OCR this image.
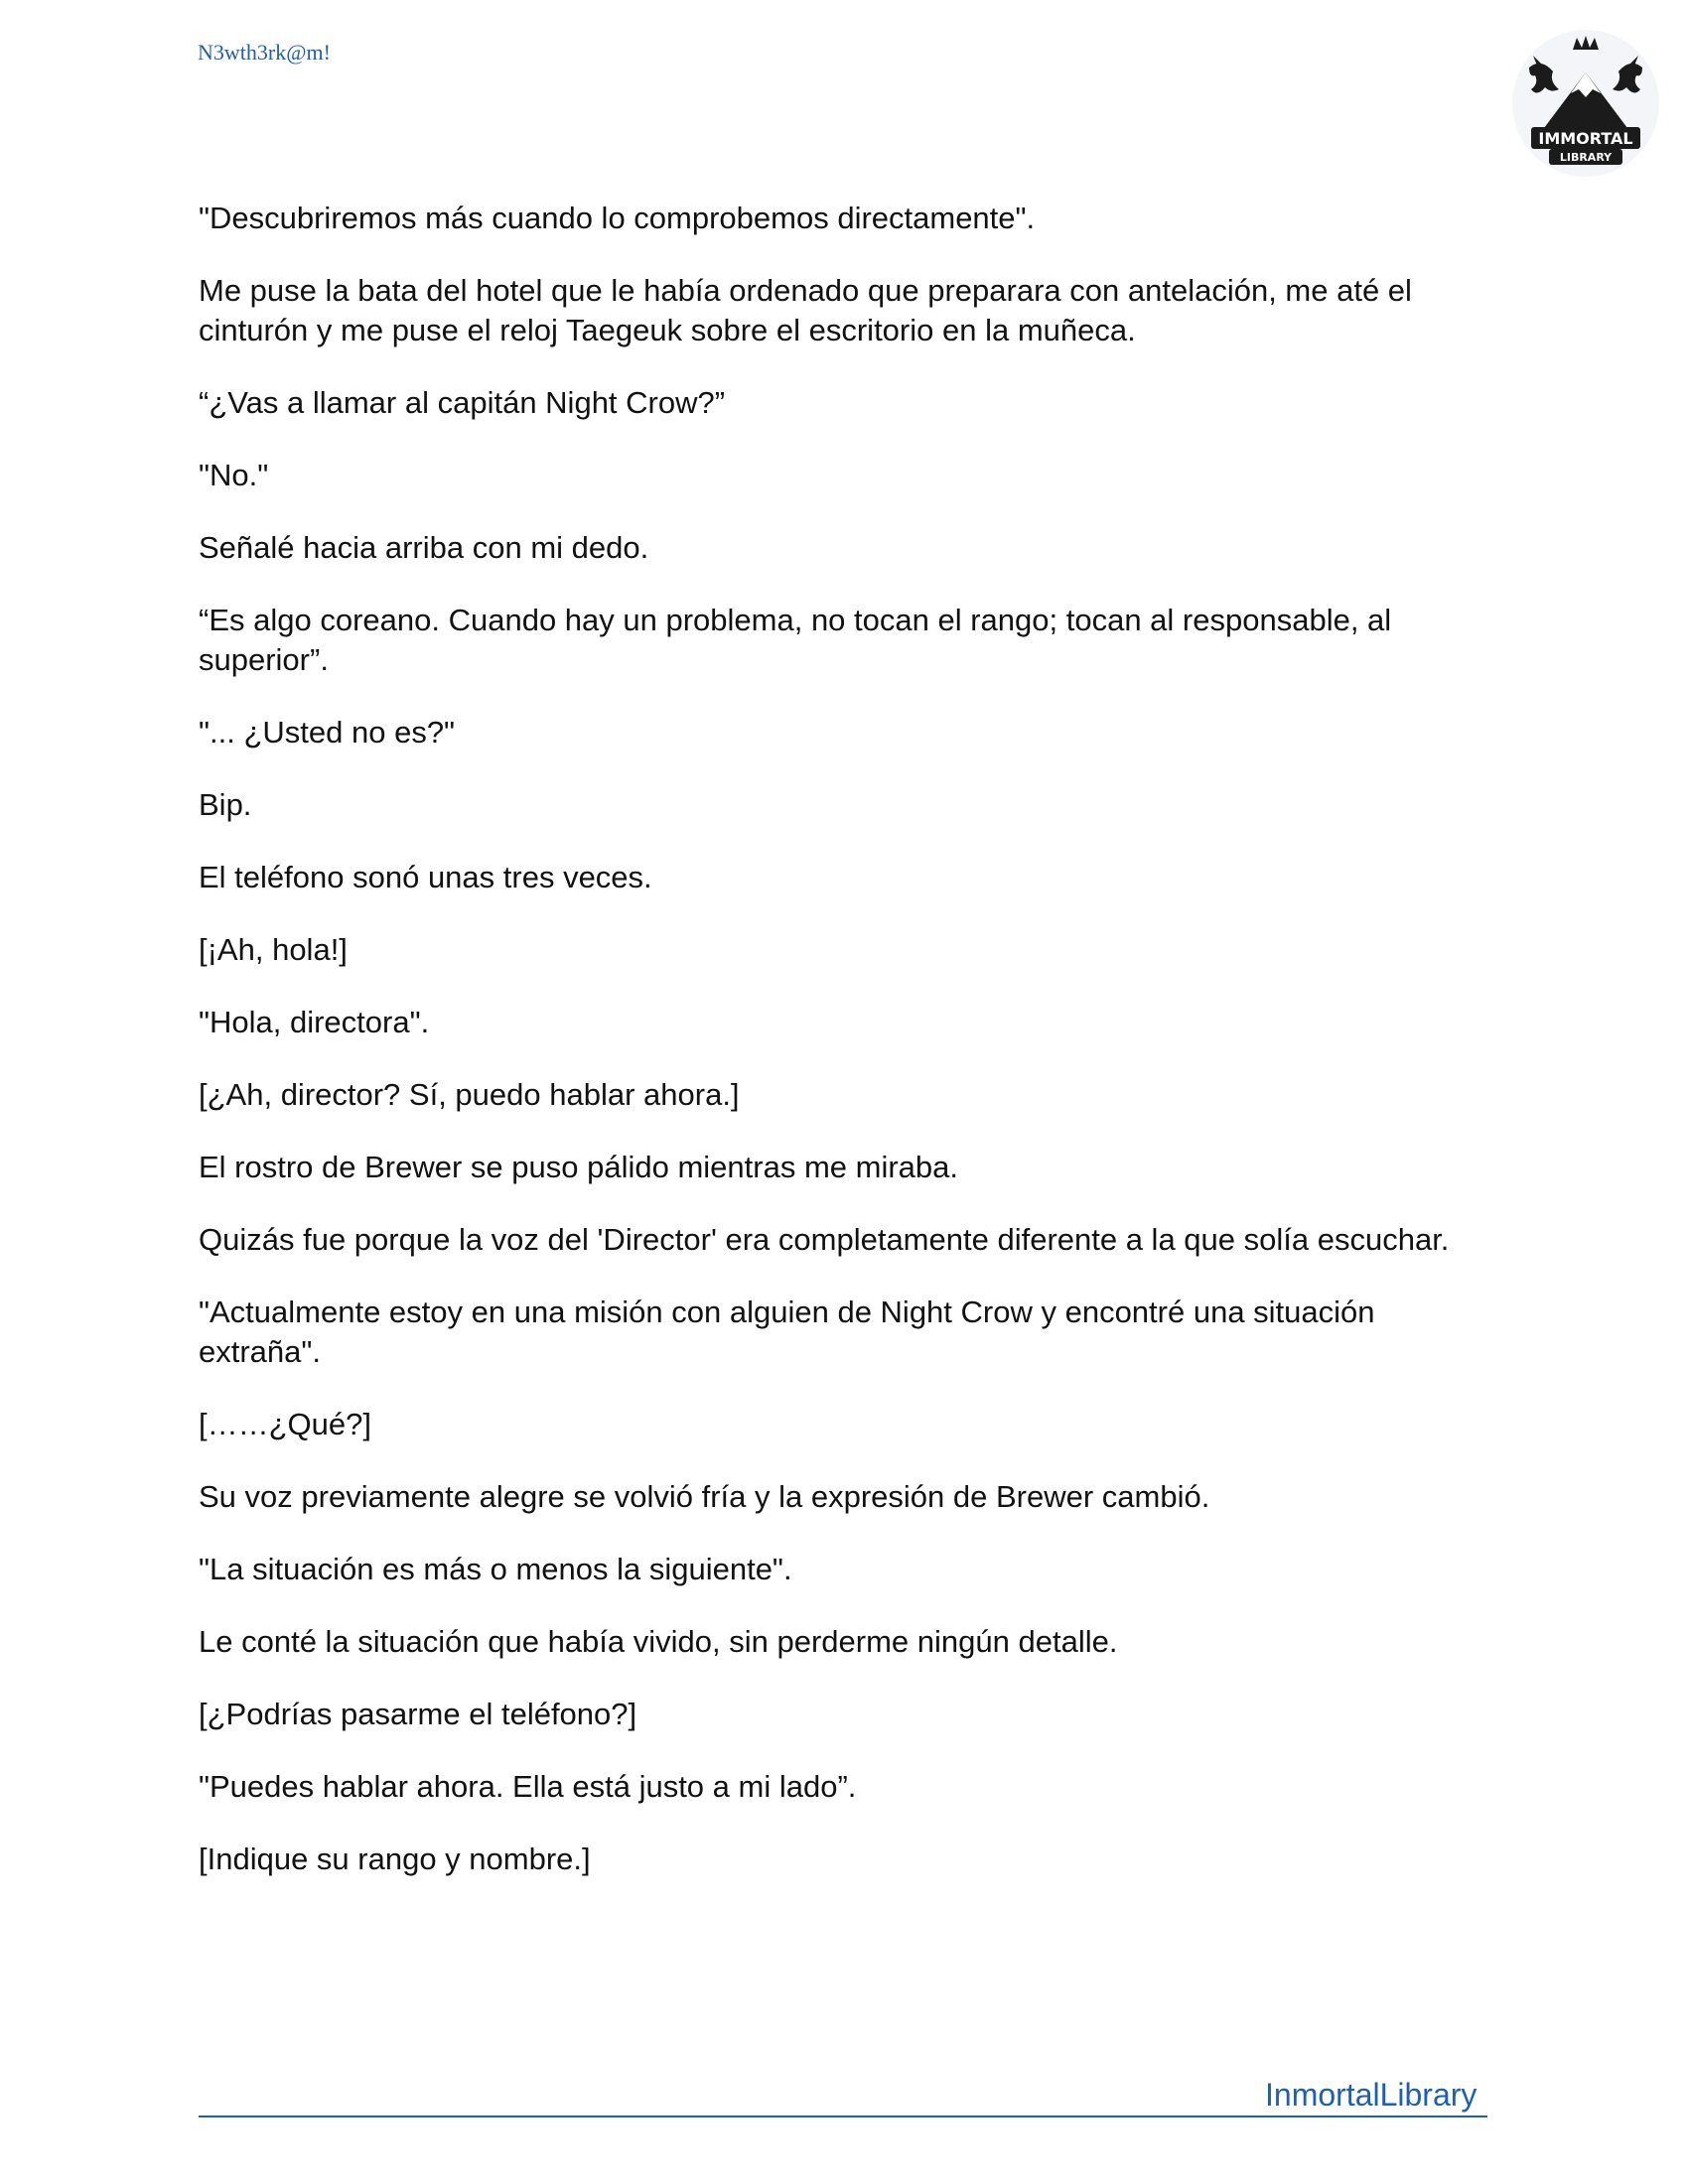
N3wth3rk@m!
IMMORTAL
LIBRARY

"Descubriremos más cuando lo comprobemos directamente".

Me puse la bata del hotel que le había ordenado que preparara con antelación, me até el cinturón y me puse el reloj Taegeuk sobre el escritorio en la muñeca.

“¿Vas a llamar al capitán Night Crow?”

"No."

Señalé hacia arriba con mi dedo.

“Es algo coreano. Cuando hay un problema, no tocan el rango; tocan al responsable, al superior”.

"... ¿Usted no es?"

Bip.

El teléfono sonó unas tres veces.

[¡Ah, hola!]

"Hola, directora".

[¿Ah, director? Sí, puedo hablar ahora.]

El rostro de Brewer se puso pálido mientras me miraba.

Quizás fue porque la voz del 'Director' era completamente diferente a la que solía escuchar.

"Actualmente estoy en una misión con alguien de Night Crow y encontré una situación extraña".

[……¿Qué?]

Su voz previamente alegre se volvió fría y la expresión de Brewer cambió.

"La situación es más o menos la siguiente".

Le conté la situación que había vivido, sin perderme ningún detalle.

[¿Podrías pasarme el teléfono?]

"Puedes hablar ahora. Ella está justo a mi lado”.

[Indique su rango y nombre.]

InmortalLibrary
